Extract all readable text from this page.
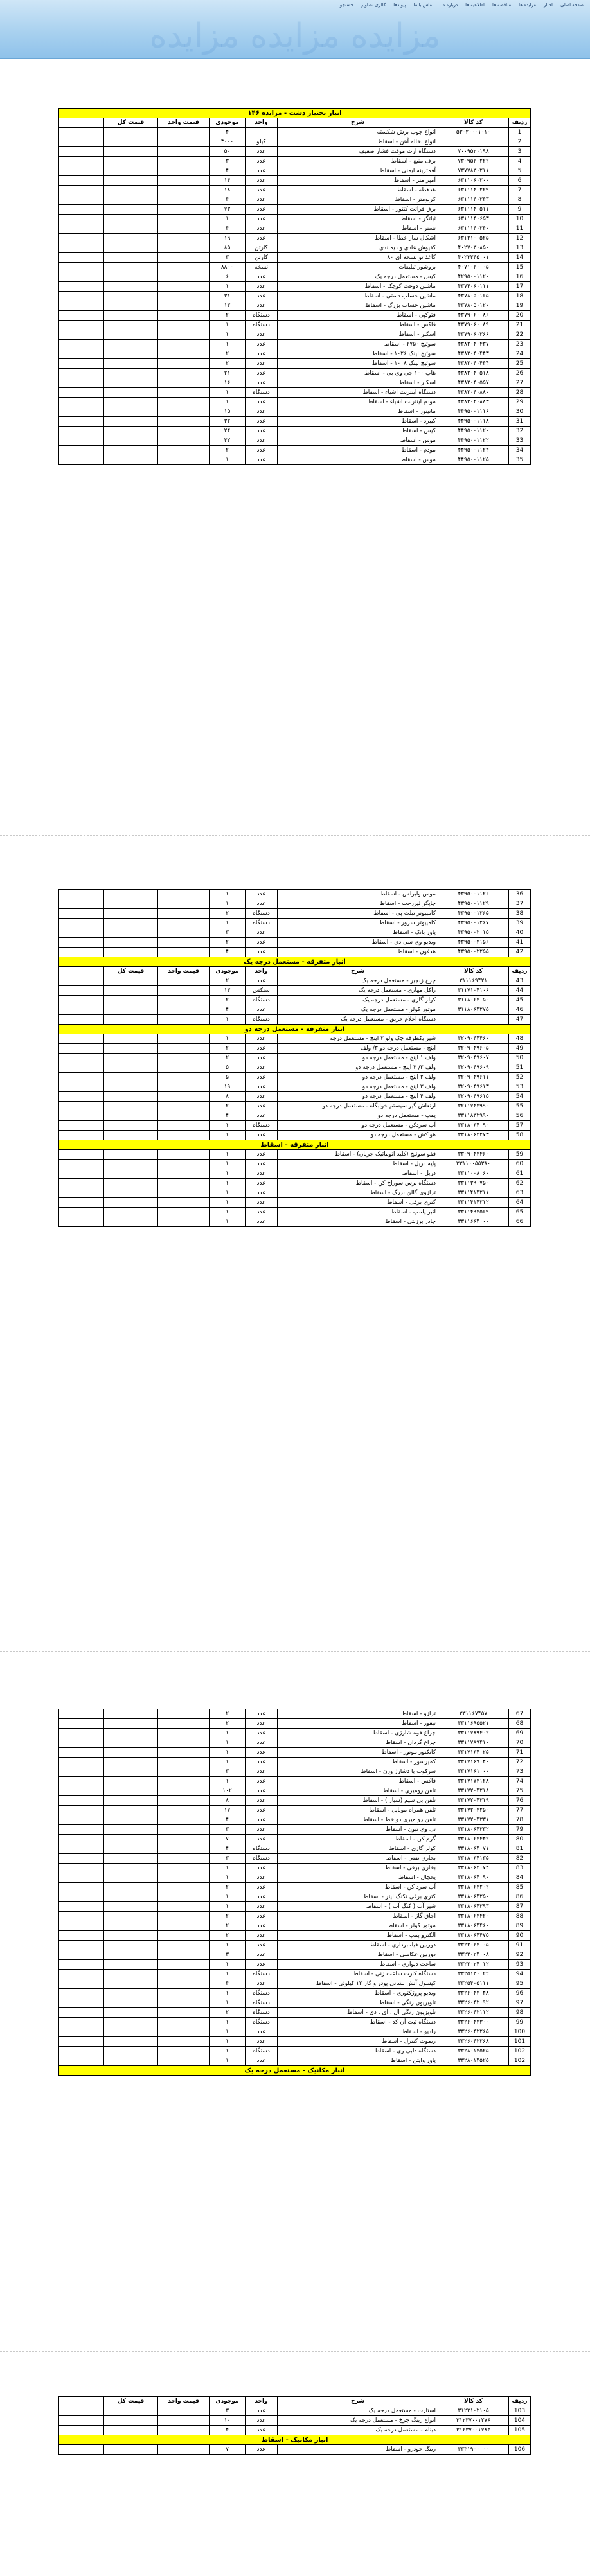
صفحه اصلی
اخبار
مزایده ها
مناقصه ها
اطلاعیه ها
درباره ما
تماس با ما
پیوندها
گالری تصاویر
جستجو
مزایده مزایده مزایده
انبار بختیار دشت - مزایده ۱۴۶							
ردیف	کد کالا	شرح	واحد	موجودی	قیمت واحد	قیمت کل	
1	۵۳۰۲۰۰۰۱۰۱۰	انواع چوب برش شکسته		۴			
2		انواع نخاله آهن - اسقاط	کیلو	۳۰۰۰			
3	۷۰۰۹۵۲۰۱۹۸	دستگاه ارت موقت فشار ضعیف	عدد	۵۰			
4	۷۳۰۹۵۲۰۲۲۲	برف منبع - اسقاط	عدد	۳			
5	۷۳۷۷۸۳۰۲۱۱	آفمترینه ایمنی - اسقاط	عدد	۴			
6	۶۳۱۱۰۶۰۲۰۰	آمپر متر - اسقاط	عدد	۱۴			
7	۶۳۱۱۱۴۰۲۲۹	هدهطه - اسقاط	عدد	۱۸			
8	۶۳۱۱۱۴۰۳۴۳	کرنومتر - اسقاط	عدد	۴			
9	۶۳۱۱۱۴۰۵۱۱	برق قرائت کنتور - اسقاط	عدد	۷۳			
10	۶۳۱۱۱۴۰۶۵۳	ثباتگر - اسقاط	عدد	۱			
11	۶۳۱۱۱۴۰۲۴۰	تستر - اسقاط	عدد	۴			
12	۶۳۱۳۱۰۰۵۲۵	اشکال ساز خطا - اسقاط	عدد	۱۹			
13	۴۰۲۷۰۳۰۸۵۰	کفپوش عادی و دیماندی	کارتن	۸۵			
14	۴۰۲۳۳۴۵۰۰۱	کاغذ تو نسخه ای ۸۰	کارتن	۳			
15	۴۰۷۱۰۲۰۰۰۵	بروشور تبلیغات	نسخه	۸۸۰۰			
16	۴۲۹۵۰۰۱۱۲۰	کیس - مستعمل درجه یک	عدد	۶			
17	۴۳۷۴۰۶۰۱۱۱	ماشین دوخت کوچک - اسقاط	عدد	۱			
18	۴۳۷۸۰۵۰۱۶۵	ماشین حساب دستی - اسقاط	عدد	۳۱			
19	۴۳۷۸۰۵۰۱۲۰	ماشین حساب بزرگ - اسقاط	عدد	۱۳			
20	۴۳۷۹۰۶۰۰۸۶	فتوکپی - اسقاط	دستگاه	۲			
21	۴۳۷۹۰۶۰۰۸۹	فاکس - اسقاط	دستگاه	۱			
22	۴۳۷۹۰۶۰۳۶۶	اسکنر - اسقاط	عدد	۱			
23	۴۳۸۲۰۴۰۴۳۷	سوئیچ ۲۷۵۰ - اسقاط	عدد	۱			
24	۴۳۸۲۰۴۰۴۴۳	سوئیچ لینک ۱۰۲۶ - اسقاط	عدد	۲			
25	۴۳۸۲۰۴۰۴۴۴	سوئیچ لینک ۱۰۰۸ - اسقاط	عدد	۲			
26	۴۳۸۲۰۴۰۵۱۸	هاب ۱۰۰ جی وی بی - اسقاط	عدد	۲۱			
27	۴۳۸۲۰۴۰۵۵۷	اسکنر - اسقاط	عدد	۱۶			
28	۴۳۸۲۰۴۰۸۸۰	دستگاه اینترنت اشیاء - اسقاط	دستگاه	۱			
29	۴۳۸۲۰۴۰۸۸۳	مودم اینترنت اشیاء - اسقاط	عدد	۱			
30	۴۴۹۵۰۰۱۱۱۶	مانیتور - اسقاط	عدد	۱۵			
31	۴۴۹۵۰۰۱۱۱۸	کیبرد - اسقاط	عدد	۳۲			
32	۴۴۹۵۰۰۱۱۲۰	کیس - اسقاط	عدد	۲۴			
33	۴۴۹۵۰۰۱۱۲۲	موس - اسقاط	عدد	۳۲			
34	۴۴۹۵۰۰۱۱۲۴	مودم - اسقاط	عدد	۲			
35	۴۴۹۵۰۰۱۱۲۵	موس - اسقاط	عدد	۱			
36	۴۳۹۵۰۰۱۱۲۶	موس وایرلس - اسقاط	عدد	۱			
37	۴۳۹۵۰۰۱۱۲۹	چاپگر لیزرجت - اسقاط	عدد	۱			
38	۴۳۹۵۰۰۱۲۶۵	کامپیوتر تبلت پی - اسقاط	دستگاه	۲			
39	۴۳۹۵۰۰۱۲۶۷	کامپیوتر سرور - اسقاط	دستگاه	۱			
40	۴۳۹۵۰۰۲۰۱۵	پاور بانک - اسقاط	عدد	۳			
41	۴۳۹۵۰۰۲۱۵۶	ویدیو وی سی دی - اسقاط	عدد	۲			
42	۴۳۹۵۰۰۲۲۵۵	هدفون - اسقاط	عدد	۴			
انبار متفرقه - مستعمل درجه یک							
ردیف	کد کالا	شرح	واحد	موجودی	قیمت واحد	قیمت کل	
43	۳۱۱۱۶۹۴۲۱	چرخ زنجیر - مستعمل درجه یک	عدد	۲			
44	۳۱۱۷۱۰۴۱۰۶	راکل مهاری - مستعمل درجه یک	ستکس	۱۳			
45	۳۱۱۸۰۶۴۰۵۰	کولر گازی - مستعمل درجه یک	دستگاه	۲			
46	۳۱۱۸۰۶۴۲۷۵	موتور کولر - مستعمل درجه یک	عدد	۴			
47		دستگاه اعلام حریق - مستعمل درجه یک	دستگاه	۱			
انبار متفرقه - مستعمل درجه دو							
48	۳۲۰۹۰۴۴۴۶۰	شیر یکطرفه چک ولو ۲ اینچ - مستعمل درجه	عدد	۱			
49	۳۲۰۹۰۴۹۶۰۵	اینچ - مستعمل درجه دو ۳/ ولف	عدد	۲			
50	۳۲۰۹۰۴۹۶۰۷	ولف ۱ اینچ - مستعمل درجه دو	عدد	۲			
51	۳۲۰۹۰۴۹۶۰۹	ولف ۲/ ۳ اینچ - مستعمل درجه دو	عدد	۵			
52	۳۲۰۹۰۴۹۶۱۱	ولف ۲ اینچ - مستعمل درجه دو	عدد	۵			
53	۳۲۰۹۰۴۹۶۱۳	ولف ۳ اینچ - مستعمل درجه دو	عدد	۱۹			
54	۳۲۰۹۰۴۹۶۱۵	ولف ۴ اینچ - مستعمل درجه دو	عدد	۸			
55	۳۲۱۱۷۴۲۹۹۰	ارتعاش گیر سیستم خوابگاه - مستعمل درجه دو	عدد	۲			
56	۳۳۱۱۸۳۲۹۹۰	پمپ - مستعمل درجه دو	عدد	۴			
57	۳۳۱۸۰۶۴۰۹۰	آب سردکن - مستعمل درجه دو	دستگاه	۱			
58	۳۳۱۸۰۶۴۲۷۳	هواکش - مستعمل درجه دو	عدد	۱			
انبار متفرقه - اسقاط							
59	۳۳۰۹۰۴۴۴۶۰	قفو سوئیچ (کلید اتوماتیک جریان) - اسقاط	عدد	۱			
60	۳۳۱۱۰۰۵۵۳۸۰	پایه دریل - اسقاط	عدد	۱			
61	۳۳۱۱۰۰۸۰۶۰	دریل - اسقاط	عدد	۱			
62	۳۳۱۱۳۹۰۷۵۰	دستگاه برس سوراخ کن - اسقاط	عدد	۱			
63	۳۳۱۱۴۱۴۲۱۱	ترازوی گالن بزرگ - اسقاط	عدد	۱			
64	۳۳۱۱۴۱۴۲۱۲	کتری برقی - اسقاط	عدد	۱			
65	۳۳۱۱۴۹۴۵۶۹	انبر پلمپ - اسقاط	عدد	۱			
66	۳۳۱۱۶۶۴۰۰۰	چادر برزنتی - اسقاط	عدد	۱			
67	۳۳۱۱۶۷۴۵۷	ترازو - اسقاط	عدد	۲			
68	۳۳۱۱۶۹۵۵۲۱	تیغور - اسقاط	عدد	۲			
69	۳۳۱۱۷۸۹۴۰۲	چراغ قوه شارژی - اسقاط	عدد	۱			
70	۳۳۱۱۷۸۹۴۱۰	چراغ گردان - اسقاط	عدد	۱			
71	۳۳۱۷۱۶۴۰۲۵	کانکتور موتور - اسقاط	عدد	۱			
72	۳۳۱۷۱۶۹۰۴۰	کمپرسور - اسقاط	عدد	۱			
73	۳۳۱۷۱۶۱۰۰۰	سرکوب با دشارژ وزن - اسقاط	عدد	۳			
74	۳۳۱۷۱۷۴۱۲۸	فاکس - اسقاط	عدد	۱			
75	۳۳۱۷۲۰۴۲۱۸	تلفن رومیزی - اسقاط	عدد	۱۰۲			
76	۳۳۱۷۲۰۴۳۱۹	تلفن بی سیم (سیار ) - اسقاط	عدد	۸			
77	۳۳۱۷۲۰۴۲۵۰	تلفن همراه موبایل - اسقاط	عدد	۱۷			
78	۳۳۱۷۲۰۴۳۳۱	تلفن رو میزی دو خط - اسقاط	عدد	۴			
79	۳۳۱۸۰۶۴۳۳۲	تی وی تیون - اسقاط	عدد	۳			
80	۳۳۱۸۰۶۴۴۴۲	گرم کن - اسقاط	عدد	۷			
81	۳۳۱۸۰۶۴۰۷۱	کولر گازی - اسقاط	دستگاه	۴			
82	۳۳۱۸۰۶۴۱۳۵	بخاری نفتی - اسقاط	دستگاه	۳			
83	۳۳۱۸۰۶۴۰۷۴	بخاری برقی - اسقاط	عدد	۱			
84	۳۳۱۸۰۶۴۰۹۰	یخچال - اسقاط	عدد	۱			
85	۳۳۱۸۰۶۴۲۰۲	آب سرد کن - اسقاط	عدد	۲			
86	۳۳۱۸۰۶۴۲۵۰	کتری برقی تکنگ لیتر - اسقاط	عدد	۱			
87	۳۳۱۸۰۶۴۳۹۳	شیر آب ( کنگ آب ) - اسقاط	عدد	۱			
88	۳۳۱۸۰۶۴۴۲۰	اجاق گاز - اسقاط	عدد	۲			
89	۳۳۱۸۰۶۴۴۶۰	موتور کولر - اسقاط	عدد	۲			
90	۳۳۱۸۰۶۴۴۷۵	الکترو پمپ - اسقاط	عدد	۲			
91	۳۳۲۲۰۲۴۰۰۵	دوربین فیلمبرداری - اسقاط	عدد	۱			
92	۳۳۲۲۰۲۴۰۰۸	دوربین عکاسی - اسقاط	عدد	۳			
93	۳۳۲۲۰۲۴۰۱۲	ساعت دیواری - اسقاط	عدد	۱			
94	۳۳۲۵۱۳۰۰۲۲	دستگاه کارت ساعت زنی - اسقاط	دستگاه	۱			
95	۳۳۲۵۴۰۵۱۱۱	کپسول آتش نشانی پودر و گاز ۱۲ کیلوئی - اسقاط	عدد	۴			
96	۳۳۲۶۰۴۲۰۴۸	ویدیو پروژکتوری - اسقاط	دستگاه	۱			
97	۳۳۲۶۰۴۲۰۹۲	تلویزیون رنگی - اسقاط	دستگاه	۱			
98	۳۳۲۶۰۴۲۱۱۲	تلویزیون رنگی ال . ای . دی - اسقاط	دستگاه	۲			
99	۳۳۲۶۰۴۲۳۰۰	دستگاه ثبت آن کد - اسقاط	دستگاه	۱			
100	۳۳۲۶۰۴۲۲۶۵	رادیو - اسقاط	عدد	۱			
101	۳۳۲۶۰۴۲۲۶۸	ریموت کنترل - اسقاط	عدد	۱			
102	۳۳۲۸۰۱۴۵۲۵	دستگاه دلبی وی - اسقاط	دستگاه	۱			
102	۳۳۲۸۰۱۴۵۲۵	پاور وایتن - اسقاط	عدد	۱			
انبار مکانیک - مستعمل درجه یک							
ردیف	کد کالا	شرح	واحد	موجودی	قیمت واحد	قیمت کل	
103	۳۱۲۳۱۰۲۱۰۵	استارت - مستعمل درجه یک	عدد	۳			
104	۳۱۲۳۷۰۰۱۲۷۶	انواع رینگ چرخ - مستعمل درجه یک	عدد	۱۰			
105	۳۱۲۳۷۰۰۱۷۸۳	دینام - مستعمل درجه یک	عدد	۴			
انبار مکانیک - اسقاط							
106	۳۳۳۱۹۰۰۰۰۰	رینگ خودرو - اسقاط	عدد	۷			
